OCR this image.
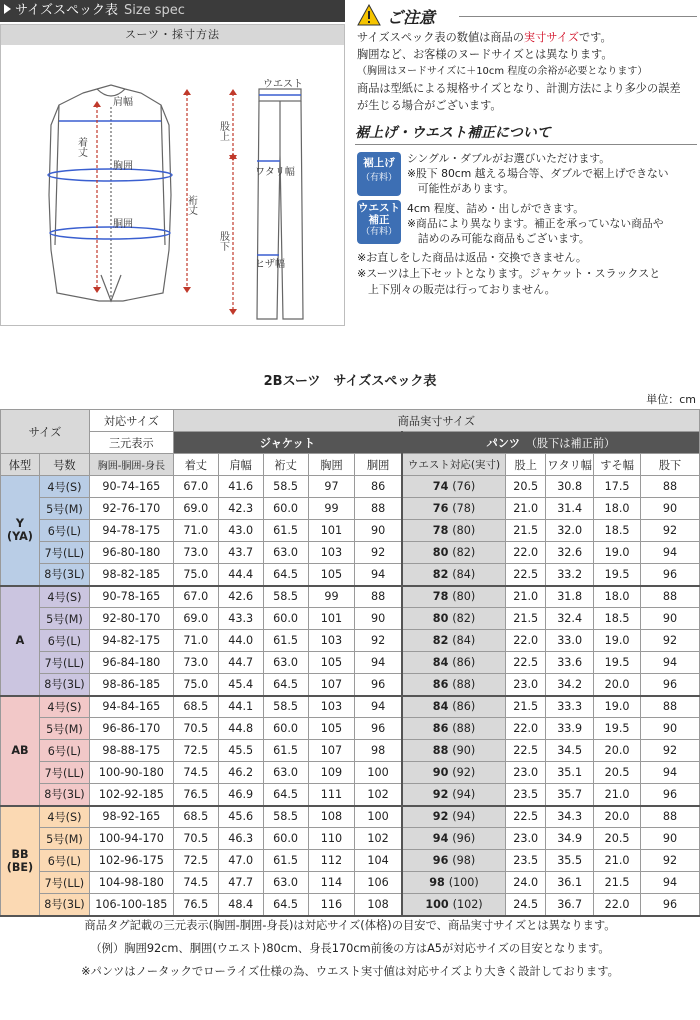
サイズスペック表 Size spec
スーツ・採寸方法
肩幅
着丈
裄丈
胸囲
胴囲
ウエスト
股上
ワタリ幅
股下
ヒザ幅
ご注意
サイズスペック表の数値は商品の実寸サイズです。
胸囲など、お客様のヌードサイズとは異なります。
（胸囲はヌードサイズに＋10cm 程度の余裕が必要となります）
商品は型紙による規格サイズとなり、計測方法により多少の誤差
が生じる場合がございます。
裾上げ・ウエスト補正について
裾上げ
（有料）
シングル・ダブルがお選びいただけます。
※股下 80cm 越える場合等、ダブルで裾上げできない
　可能性があります。
ウエスト
補正
（有料）
4cm 程度、詰め・出しができます。
※商品により異なります。補正を承っていない商品や
　詰めのみ可能な商品もございます。
※お直しをした商品は返品・交換できません。
※スーツは上下セットとなります。ジャケット・スラックスと
　上下別々の販売は行っておりません。
2Bスーツ　サイズスペック表
単位：cm
サイズ		対応サイズ	商品実寸サイズ									
		三元表示	ジャケット					パンツ　 （股下は補正前）				
体型	号数	胸囲-胴囲-身長	着丈	肩幅	裄丈	胸囲	胴囲	ウエスト対応(実寸)	股上	ワタリ幅	すそ幅	股下
Y
(YA)	4号(S)	90-74-165	67.0	41.6	58.5	97	86	74 (76)	20.5	30.8	17.5	88
	5号(M)	92-76-170	69.0	42.3	60.0	99	88	76 (78)	21.0	31.4	18.0	90
	6号(L)	94-78-175	71.0	43.0	61.5	101	90	78 (80)	21.5	32.0	18.5	92
	7号(LL)	96-80-180	73.0	43.7	63.0	103	92	80 (82)	22.0	32.6	19.0	94
	8号(3L)	98-82-185	75.0	44.4	64.5	105	94	82 (84)	22.5	33.2	19.5	96
A	4号(S)	90-78-165	67.0	42.6	58.5	99	88	78 (80)	21.0	31.8	18.0	88
	5号(M)	92-80-170	69.0	43.3	60.0	101	90	80 (82)	21.5	32.4	18.5	90
	6号(L)	94-82-175	71.0	44.0	61.5	103	92	82 (84)	22.0	33.0	19.0	92
	7号(LL)	96-84-180	73.0	44.7	63.0	105	94	84 (86)	22.5	33.6	19.5	94
	8号(3L)	98-86-185	75.0	45.4	64.5	107	96	86 (88)	23.0	34.2	20.0	96
AB	4号(S)	94-84-165	68.5	44.1	58.5	103	94	84 (86)	21.5	33.3	19.0	88
	5号(M)	96-86-170	70.5	44.8	60.0	105	96	86 (88)	22.0	33.9	19.5	90
	6号(L)	98-88-175	72.5	45.5	61.5	107	98	88 (90)	22.5	34.5	20.0	92
	7号(LL)	100-90-180	74.5	46.2	63.0	109	100	90 (92)	23.0	35.1	20.5	94
	8号(3L)	102-92-185	76.5	46.9	64.5	111	102	92 (94)	23.5	35.7	21.0	96
BB
(BE)	4号(S)	98-92-165	68.5	45.6	58.5	108	100	92 (94)	22.5	34.3	20.0	88
	5号(M)	100-94-170	70.5	46.3	60.0	110	102	94 (96)	23.0	34.9	20.5	90
	6号(L)	102-96-175	72.5	47.0	61.5	112	104	96 (98)	23.5	35.5	21.0	92
	7号(LL)	104-98-180	74.5	47.7	63.0	114	106	98 (100)	24.0	36.1	21.5	94
	8号(3L)	106-100-185	76.5	48.4	64.5	116	108	100 (102)	24.5	36.7	22.0	96
商品タグ記載の三元表示(胸囲-胴囲-身長)は対応サイズ(体格)の目安で、商品実寸サイズとは異なります。
（例）胸囲92cm、胴囲(ウエスト)80cm、身長170cm前後の方はA5が対応サイズの目安となります。
※パンツはノータックでローライズ仕様の為、ウエスト実寸値は対応サイズより大きく設計しております。
